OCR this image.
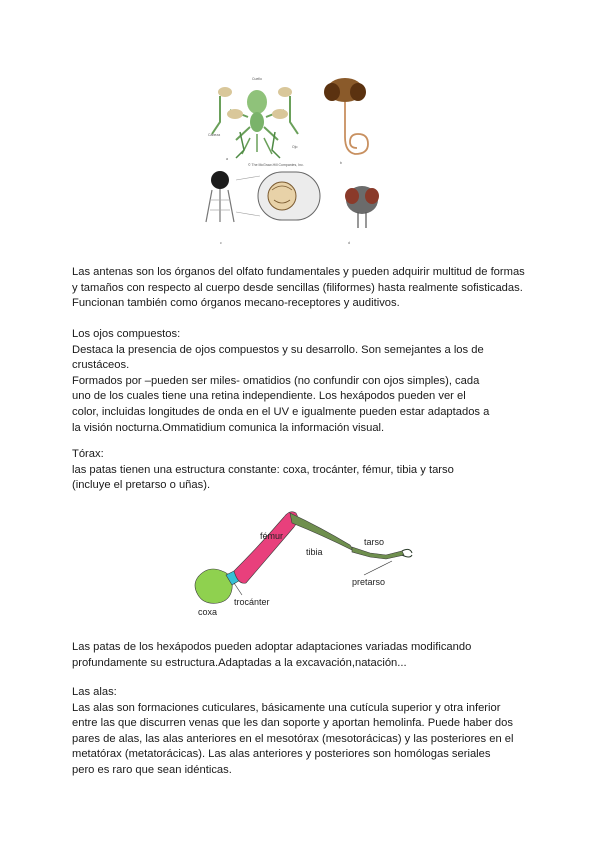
Cuello
Cabeza
Ojo
a
© The McGraw-Hill Companies, Inc.	b
c	d
Las antenas son los órganos del olfato fundamentales y pueden adquirir multitud de formas
y tamaños con respecto al cuerpo desde sencillas (filiformes) hasta realmente sofisticadas.
Funcionan también como órganos mecano-receptores y auditivos.
Los ojos compuestos:
Destaca la presencia de ojos compuestos y su desarrollo. Son semejantes a los de
crustáceos.
Formados por –pueden ser miles- omatidios (no confundir con ojos simples), cada
uno de los cuales tiene una retina independiente. Los hexápodos pueden ver el
color, incluidas longitudes de onda en el UV e igualmente pueden estar adaptados a
la visión nocturna.Ommatidium comunica la información visual.
Tórax:
las patas tienen una estructura constante: coxa, trocánter, fémur, tibia y tarso
(incluye el pretarso o uñas).
fémur
tibia
tarso
pretarso
trocánter
coxa
Las patas de los hexápodos pueden adoptar adaptaciones variadas modificando
profundamente su estructura.Adaptadas a la excavación,natación...
Las alas:
Las alas son formaciones cuticulares, básicamente una cutícula superior y otra inferior
entre las que discurren venas que les dan soporte y aportan hemolinfa. Puede haber dos
pares de alas, las alas anteriores en el mesotórax (mesotorácicas) y las posteriores en el
metatórax (metatorácicas). Las alas anteriores y posteriores son homólogas seriales
pero es raro que sean idénticas.
